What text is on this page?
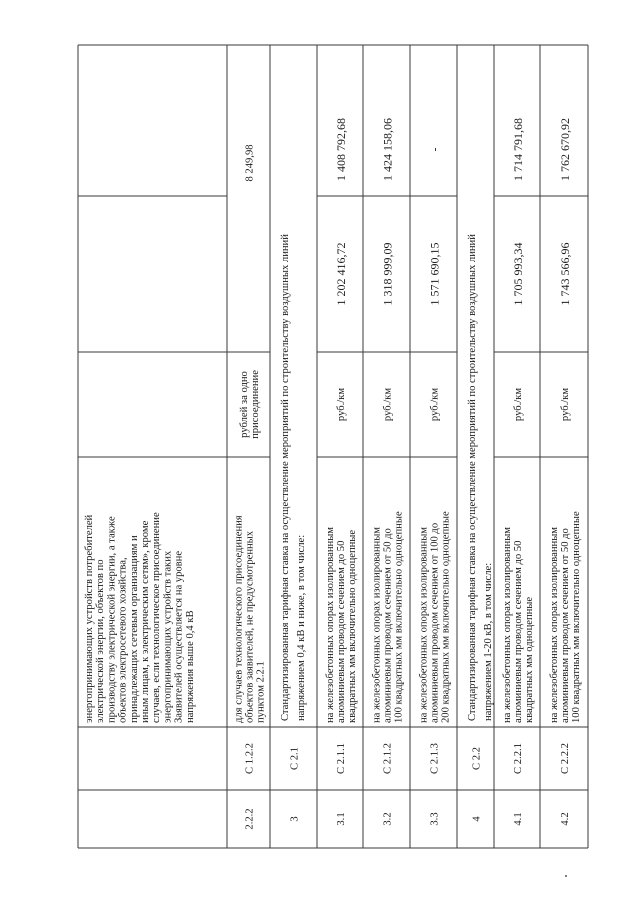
энергопринимающих устройств потребителей электрической энергии, объектов по производству электрической энергии, а также объектов электросетевого хозяйства, принадлежащих сетевым организациям и иным лицам, к электрическим сетям», кроме случаев, если технологическое присоединение энергопринимающих устройств таких Заявителей осуществляется на уровне напряжения выше 0,4 кВ
2.2.2
С 1.2.2
для случаев технологического присоединения объектов заявителей, не предусмотренных пунктом 2.2.1
рублей за одно присоединение
8 249,98
3
С 2.1
Стандартизированная тарифная ставка на осуществление мероприятий по строительству воздушных линий напряжением 0,4 кВ и ниже, в том числе:
3.1
С 2.1.1
на железобетонных опорах изолированным алюминиевым проводом сечением до 50 квадратных мм включительно одноцепные
руб./км
1 202 416,72
1 408 792,68
3.2
С 2.1.2
на железобетонных опорах изолированным алюминиевым проводом сечением от 50 до 100 квадратных мм включительно одноцепные
руб./км
1 318 999,09
1 424 158,06
3.3
С 2.1.3
на железобетонных опорах изолированным алюминиевым проводом сечением от 100 до 200 квадратных мм включительно одноцепные
руб./км
1 571 690,15
-
4
С 2.2
Стандартизированная тарифная ставка на осуществление мероприятий по строительству воздушных линий напряжением 1-20 кВ, в том числе:
4.1
С 2.2.1
на железобетонных опорах изолированным алюминиевым проводом сечением до 50 квадратных мм одноцепные
руб./км
1 705 993,34
1 714 791,68
4.2
С 2.2.2
на железобетонных опорах изолированным алюминиевым проводом сечением от 50 до 100 квадратных мм включительно одноцепные
руб./км
1 743 566,96
1 762 670,92
